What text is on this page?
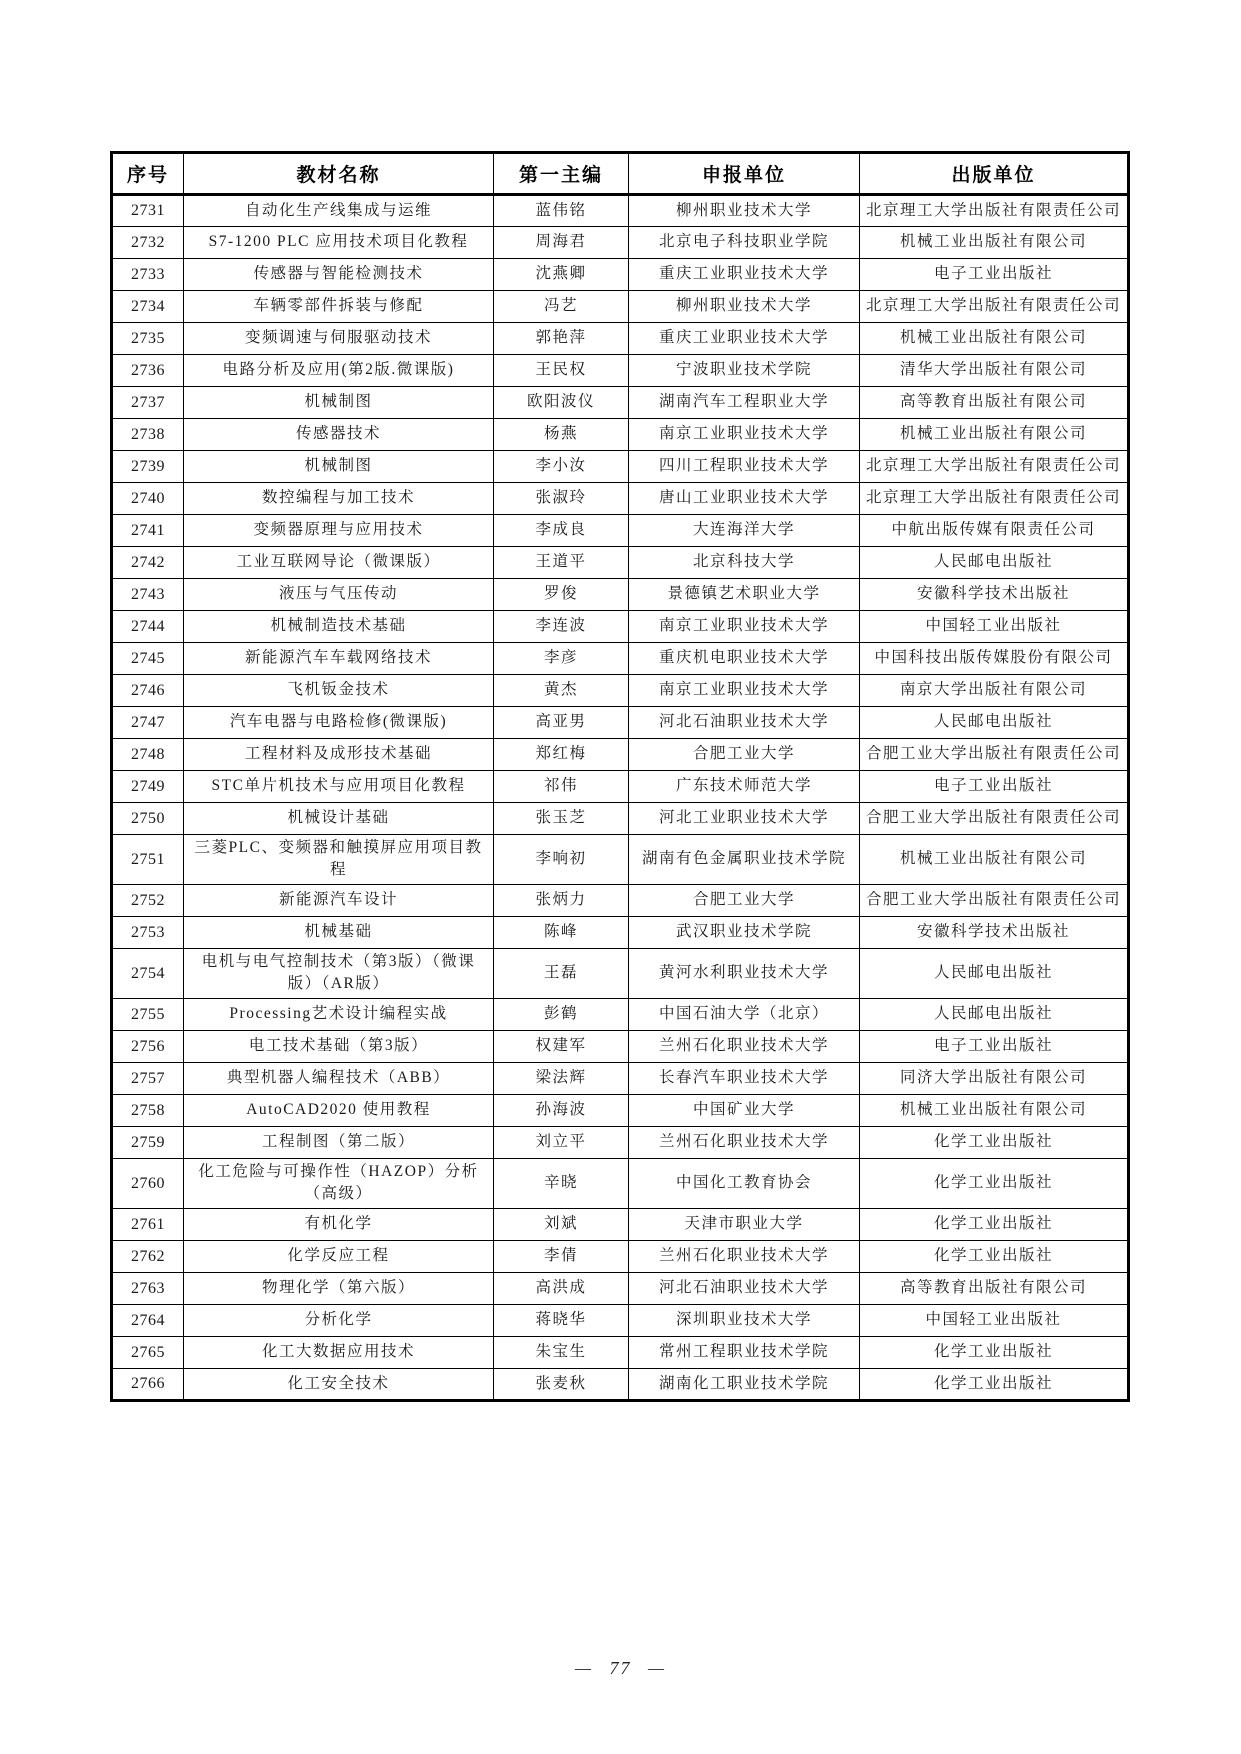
序号	教材名称	第一主编	申报单位	出版单位
2731	自动化生产线集成与运维	蓝伟铭	柳州职业技术大学	北京理工大学出版社有限责任公司
2732	S7-1200 PLC 应用技术项目化教程	周海君	北京电子科技职业学院	机械工业出版社有限公司
2733	传感器与智能检测技术	沈燕卿	重庆工业职业技术大学	电子工业出版社
2734	车辆零部件拆装与修配	冯艺	柳州职业技术大学	北京理工大学出版社有限责任公司
2735	变频调速与伺服驱动技术	郭艳萍	重庆工业职业技术大学	机械工业出版社有限公司
2736	电路分析及应用(第2版.微课版)	王民权	宁波职业技术学院	清华大学出版社有限公司
2737	机械制图	欧阳波仪	湖南汽车工程职业大学	高等教育出版社有限公司
2738	传感器技术	杨燕	南京工业职业技术大学	机械工业出版社有限公司
2739	机械制图	李小汝	四川工程职业技术大学	北京理工大学出版社有限责任公司
2740	数控编程与加工技术	张淑玲	唐山工业职业技术大学	北京理工大学出版社有限责任公司
2741	变频器原理与应用技术	李成良	大连海洋大学	中航出版传媒有限责任公司
2742	工业互联网导论（微课版）	王道平	北京科技大学	人民邮电出版社
2743	液压与气压传动	罗俊	景德镇艺术职业大学	安徽科学技术出版社
2744	机械制造技术基础	李连波	南京工业职业技术大学	中国轻工业出版社
2745	新能源汽车车载网络技术	李彦	重庆机电职业技术大学	中国科技出版传媒股份有限公司
2746	飞机钣金技术	黄杰	南京工业职业技术大学	南京大学出版社有限公司
2747	汽车电器与电路检修(微课版)	高亚男	河北石油职业技术大学	人民邮电出版社
2748	工程材料及成形技术基础	郑红梅	合肥工业大学	合肥工业大学出版社有限责任公司
2749	STC单片机技术与应用项目化教程	祁伟	广东技术师范大学	电子工业出版社
2750	机械设计基础	张玉芝	河北工业职业技术大学	合肥工业大学出版社有限责任公司
2751	三菱PLC、变频器和触摸屏应用项目教程	李响初	湖南有色金属职业技术学院	机械工业出版社有限公司
2752	新能源汽车设计	张炳力	合肥工业大学	合肥工业大学出版社有限责任公司
2753	机械基础	陈峰	武汉职业技术学院	安徽科学技术出版社
2754	电机与电气控制技术（第3版）（微课版）（AR版）	王磊	黄河水利职业技术大学	人民邮电出版社
2755	Processing艺术设计编程实战	彭鹤	中国石油大学（北京）	人民邮电出版社
2756	电工技术基础（第3版）	权建军	兰州石化职业技术大学	电子工业出版社
2757	典型机器人编程技术（ABB）	梁法辉	长春汽车职业技术大学	同济大学出版社有限公司
2758	AutoCAD2020 使用教程	孙海波	中国矿业大学	机械工业出版社有限公司
2759	工程制图（第二版）	刘立平	兰州石化职业技术大学	化学工业出版社
2760	化工危险与可操作性（HAZOP）分析（高级）	辛晓	中国化工教育协会	化学工业出版社
2761	有机化学	刘斌	天津市职业大学	化学工业出版社
2762	化学反应工程	李倩	兰州石化职业技术大学	化学工业出版社
2763	物理化学（第六版）	高洪成	河北石油职业技术大学	高等教育出版社有限公司
2764	分析化学	蒋晓华	深圳职业技术大学	中国轻工业出版社
2765	化工大数据应用技术	朱宝生	常州工程职业技术学院	化学工业出版社
2766	化工安全技术	张麦秋	湖南化工职业技术学院	化学工业出版社
— 77 —
